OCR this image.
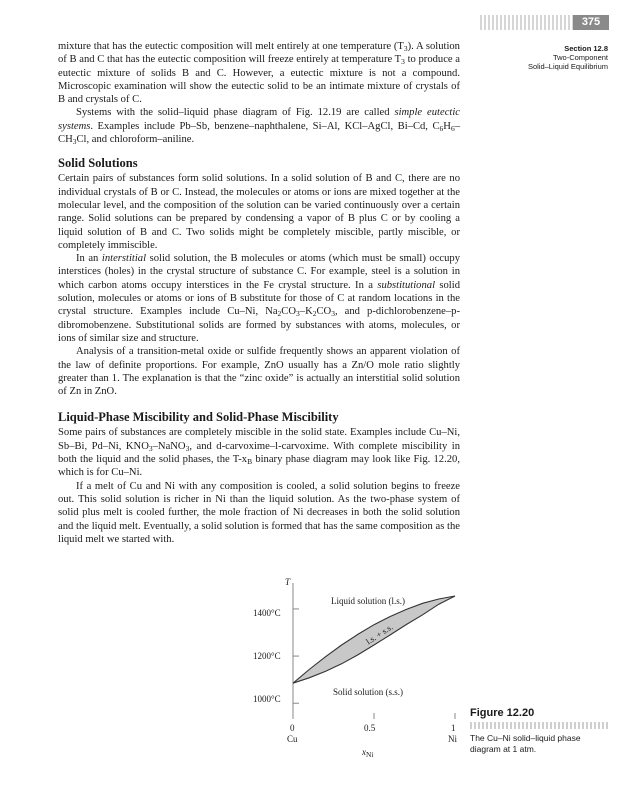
375
Section 12.8
Two-Component
Solid–Liquid Equilibrium

mixture that has the eutectic composition will melt entirely at one temperature $(T_3)$. A solution of B and C that has the eutectic composition will freeze entirely at temperature $T_3$ to produce a eutectic mixture of solids B and C. However, a eutectic mixture is not a compound. Microscopic examination will show the eutectic solid to be an intimate mixture of crystals of B and crystals of C.

Systems with the solid–liquid phase diagram of Fig. 12.19 are called simple eutectic systems. Examples include Pb–Sb, benzene–naphthalene, Si–Al, KCl–AgCl, Bi–Cd, $C_6H_6-CH_3Cl$, and chloroform–aniline.

Solid Solutions

Certain pairs of substances form solid solutions. In a solid solution of B and C, there are no individual crystals of B or C. Instead, the molecules or atoms or ions are mixed together at the molecular level, and the composition of the solution can be varied continuously over a certain range. Solid solutions can be prepared by condensing a vapor of B plus C or by cooling a liquid solution of B and C. Two solids might be completely miscible, partly miscible, or completely immiscible.

In an interstitial solid solution, the B molecules or atoms (which must be small) occupy interstices (holes) in the crystal structure of substance C. For example, steel is a solution in which carbon atoms occupy interstices in the Fe crystal structure. In a substitutional solid solution, molecules or atoms or ions of B substitute for those of C at random locations in the crystal structure. Examples include Cu–Ni, $Na_2CO_3-K_2CO_3$, and p-dichlorobenzene–p-dibromobenzene. Substitutional solids are formed by substances with atoms, molecules, or ions of similar size and structure.

Analysis of a transition-metal oxide or sulfide frequently shows an apparent violation of the law of definite proportions. For example, ZnO usually has a Zn/O mole ratio slightly greater than 1. The explanation is that the “zinc oxide” is actually an interstitial solid solution of Zn in ZnO.

Liquid-Phase Miscibility and Solid-Phase Miscibility

Some pairs of substances are completely miscible in the solid state. Examples include Cu–Ni, Sb–Bi, Pd–Ni, $KNO_3-NaNO_3$, and d-carvoxime–l-carvoxime. With complete miscibility in both the liquid and the solid phases, the $T-x_B$ binary phase diagram may look like Fig. 12.20, which is for Cu–Ni.

If a melt of Cu and Ni with any composition is cooled, a solid solution begins to freeze out. This solid solution is richer in Ni than the liquid solution. As the two-phase system of solid plus melt is cooled further, the mole fraction of Ni decreases in both the solid solution and the liquid melt. Eventually, a solid solution is formed that has the same composition as the liquid melt we started with.

T
1400°C
1200°C
1000°C
0	0.5	1
Cu	Ni
$x_{Ni}$
Liquid solution (l.s.)
Solid solution (s.s.)
l.s. + s.s.
Figure 12.20
The Cu–Ni solid–liquid phase diagram at 1 atm.
